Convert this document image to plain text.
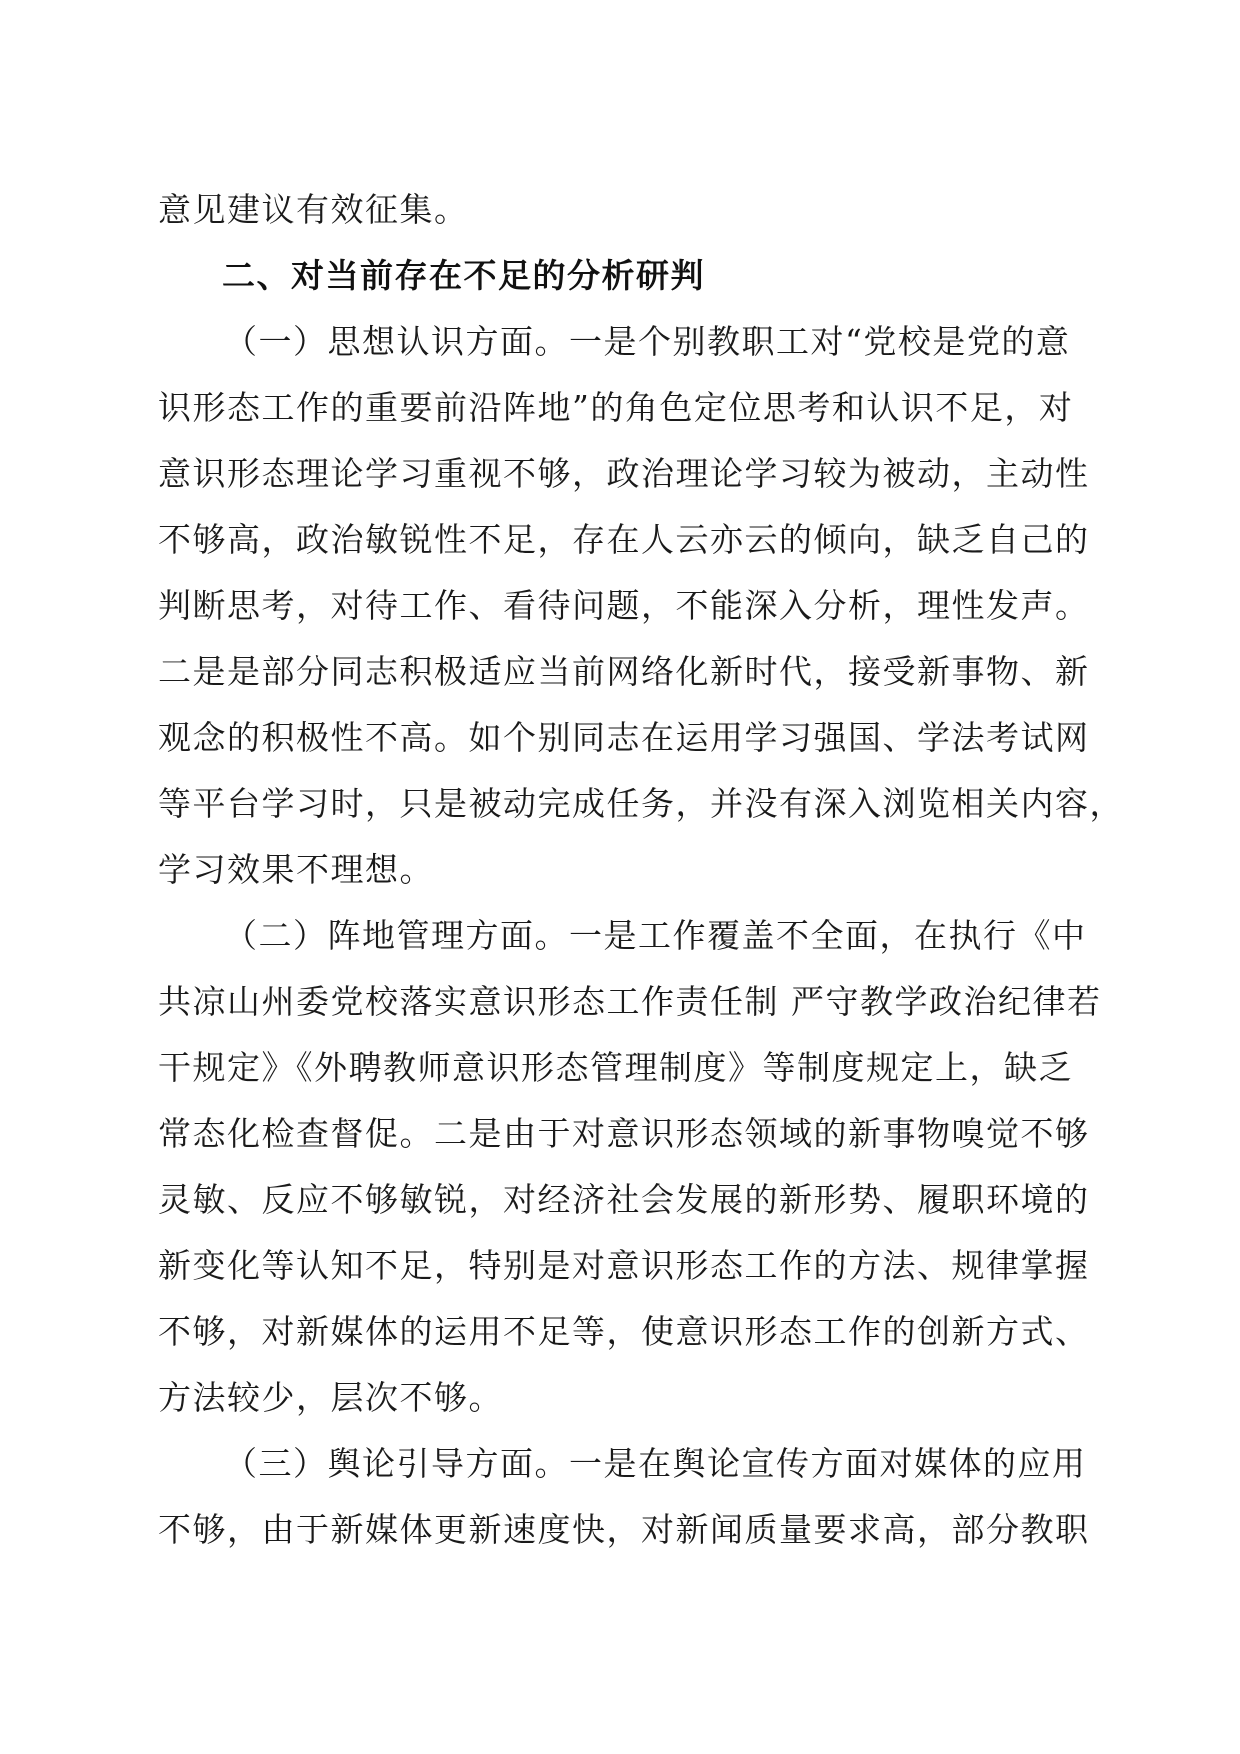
意见建议有效征集。
二、对当前存在不足的分析研判
（一）思想认识方面。一是个别教职工对“党校是党的意
识形态工作的重要前沿阵地”的角色定位思考和认识不足，对
意识形态理论学习重视不够，政治理论学习较为被动，主动性
不够高，政治敏锐性不足，存在人云亦云的倾向，缺乏自己的
判断思考，对待工作、看待问题，不能深入分析，理性发声。
二是是部分同志积极适应当前网络化新时代，接受新事物、新
观念的积极性不高。如个别同志在运用学习强国、学法考试网
等平台学习时，只是被动完成任务，并没有深入浏览相关内容，
学习效果不理想。
（二）阵地管理方面。一是工作覆盖不全面，在执行《中
共凉山州委党校落实意识形态工作责任制 严守教学政治纪律若
干规定》《外聘教师意识形态管理制度》等制度规定上，缺乏
常态化检查督促。二是由于对意识形态领域的新事物嗅觉不够
灵敏、反应不够敏锐，对经济社会发展的新形势、履职环境的
新变化等认知不足，特别是对意识形态工作的方法、规律掌握
不够，对新媒体的运用不足等，使意识形态工作的创新方式、
方法较少，层次不够。
（三）舆论引导方面。一是在舆论宣传方面对媒体的应用
不够，由于新媒体更新速度快，对新闻质量要求高，部分教职
